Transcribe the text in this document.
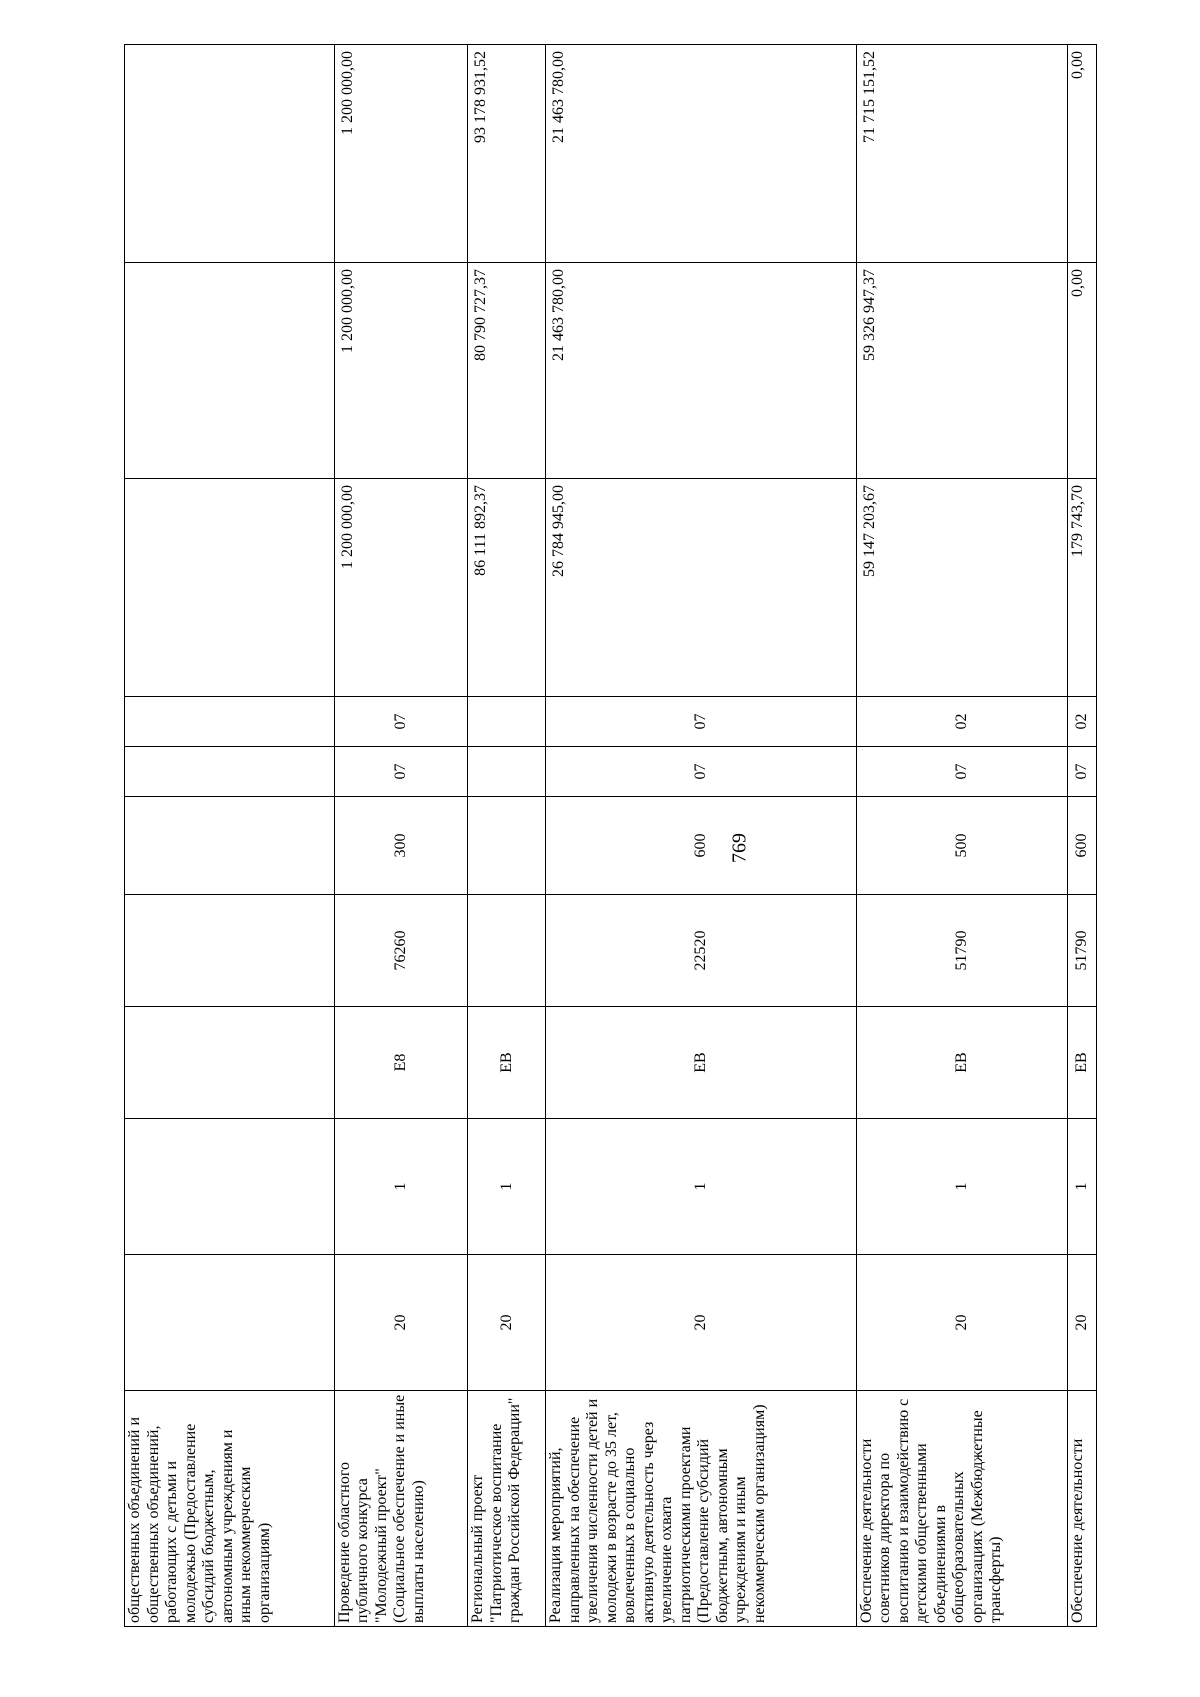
769
общественных объединений и общественных объединений, работающих с детьми и молодежью (Предоставление субсидий бюджетным, автономным учреждениям и иным некоммерческим организациям)										
Проведение областного публичного конкурса "Молодежный проект" (Социальное обеспечение и иные выплаты населению)	20	1	E8	76260	300	07	07	1 200 000,00	1 200 000,00	1 200 000,00
Региональный проект "Патриотическое воспитание граждан Российской Федерации"	20	1	EB					86 111 892,37	80 790 727,37	93 178 931,52
Реализация мероприятий, направленных на обеспечение увеличения численности детей и молодежи в возрасте до 35 лет, вовлеченных в социально активную деятельность через увеличение охвата патриотическими проектами (Предоставление субсидий бюджетным, автономным учреждениям и иным некоммерческим организациям)	20	1	EB	22520	600	07	07	26 784 945,00	21 463 780,00	21 463 780,00
Обеспечение деятельности советников директора по воспитанию и взаимодействию с детскими общественными объединениями в общеобразовательных организациях (Межбюджетные трансферты)	20	1	EB	51790	500	07	02	59 147 203,67	59 326 947,37	71 715 151,52
Обеспечение деятельности	20	1	EB	51790	600	07	02	179 743,70	0,00	0,00
